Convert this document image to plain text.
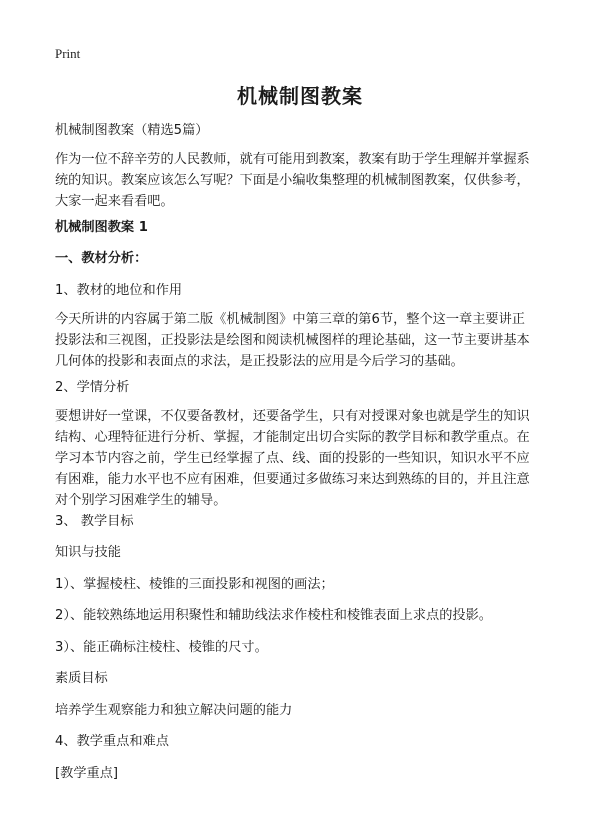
Print
机械制图教案

机械制图教案（精选5篇）

作为一位不辞辛劳的人民教师，就有可能用到教案，教案有助于学生理解并掌握系
统的知识。教案应该怎么写呢？下面是小编收集整理的机械制图教案，仅供参考，
大家一起来看看吧。

机械制图教案 1

一、教材分析：

1、教材的地位和作用

今天所讲的内容属于第二版《机械制图》中第三章的第6节，整个这一章主要讲正
投影法和三视图，正投影法是绘图和阅读机械图样的理论基础，这一节主要讲基本
几何体的投影和表面点的求法，是正投影法的应用是今后学习的基础。

2、学情分析

要想讲好一堂课，不仅要备教材，还要备学生，只有对授课对象也就是学生的知识
结构、心理特征进行分析、掌握，才能制定出切合实际的教学目标和教学重点。在
学习本节内容之前，学生已经掌握了点、线、面的投影的一些知识，知识水平不应
有困难，能力水平也不应有困难，但要通过多做练习来达到熟练的目的，并且注意
对个别学习困难学生的辅导。

3、 教学目标

知识与技能

1）、掌握棱柱、棱锥的三面投影和视图的画法；

2）、能较熟练地运用积聚性和辅助线法求作棱柱和棱锥表面上求点的投影。

3）、能正确标注棱柱、棱锥的尺寸。

素质目标

培养学生观察能力和独立解决问题的能力

4、教学重点和难点

[教学重点]
